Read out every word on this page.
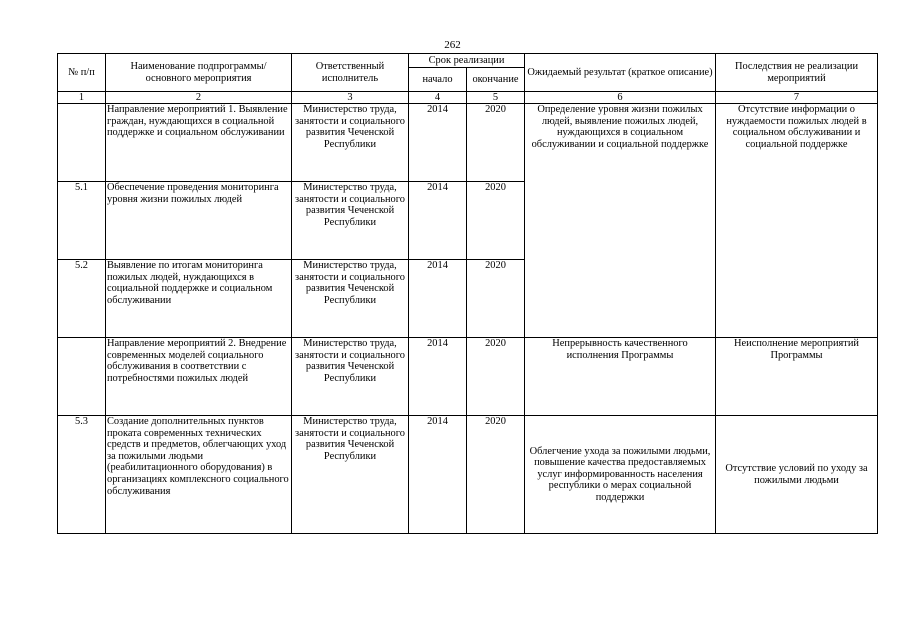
262
№ п/п	Наименование подпрограммы/ основного мероприятия	Ответственный исполнитель	Срок реализации		Ожидаемый результат (краткое описание)	Последствия не реализации мероприятий
			начало	окончание		
1	2	3	4	5	6	7
	Направление мероприятий 1. Выявление граждан, нуждающихся в социальной поддержке и социальном обслуживании	Министерство труда, занятости и социального развития Чеченской Республики	2014	2020	Определение уровня жизни пожилых людей, выявление пожилых людей, нуждающихся в социальном обслуживании и социальной поддержке	Отсутствие информации о нуждаемости пожилых людей в социальном обслуживании и социальной поддержке
5.1	Обеспечение проведения мониторинга уровня жизни пожилых людей	Министерство труда, занятости и социального развития Чеченской Республики	2014	2020		
5.2	Выявление по итогам мониторинга пожилых людей, нуждающихся в социальной поддержке и социальном обслуживании	Министерство труда, занятости и социального развития Чеченской Республики	2014	2020		
	Направление мероприятий 2. Внедрение современных моделей социального обслуживания в соответствии с потребностями пожилых людей	Министерство труда, занятости и социального развития Чеченской Республики	2014	2020	Непрерывность качественного исполнения Программы	Неисполнение мероприятий Программы
5.3	Создание дополнительных пунктов проката современных технических средств и предметов, облегчающих уход за пожилыми людьми (реабилитационного оборудования) в организациях комплексного социального обслуживания	Министерство труда, занятости и социального развития Чеченской Республики	2014	2020	Облегчение ухода за пожилыми людьми, повышение качества предоставляемых услуг информированность населения республики о мерах социальной поддержки	Отсутствие условий по уходу за пожилыми людьми
